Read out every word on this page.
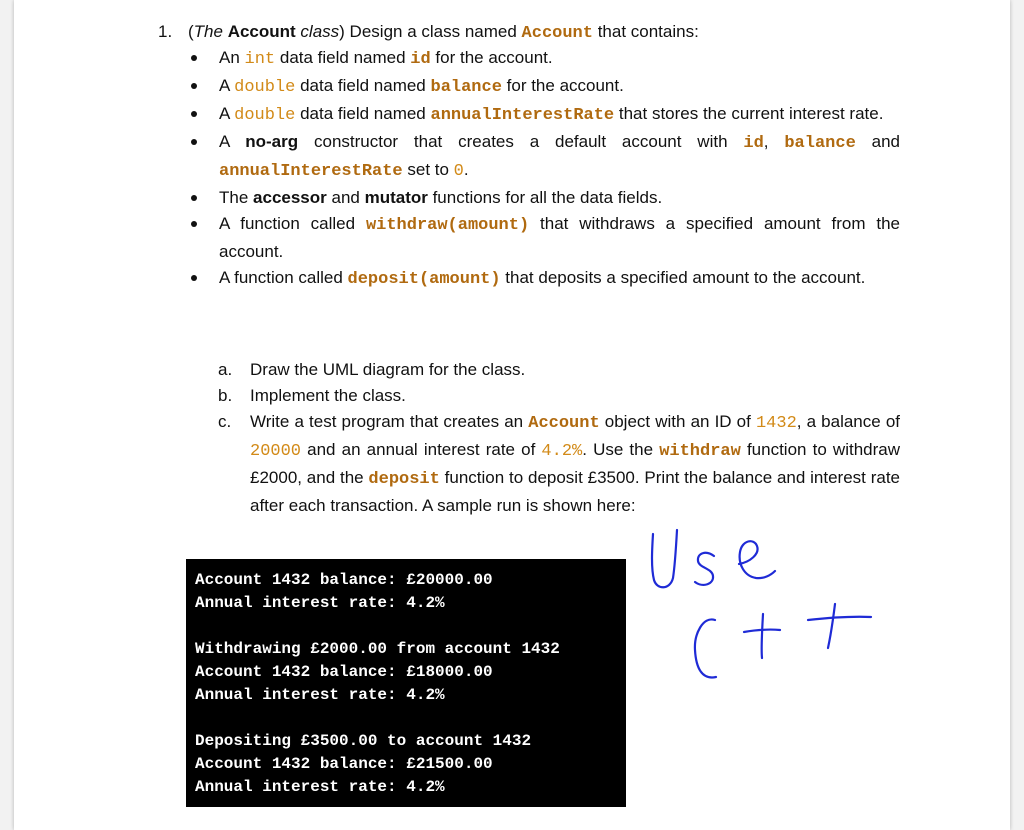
1. (The Account class) Design a class named Account that contains:
An int data field named id for the account.
A double data field named balance for the account.
A double data field named annualInterestRate that stores the current interest rate.
A no-arg constructor that creates a default account with id, balance and annualInterestRate set to 0.
The accessor and mutator functions for all the data fields.
A function called withdraw(amount) that withdraws a specified amount from the account.
A function called deposit(amount) that deposits a specified amount to the account.
a. Draw the UML diagram for the class.
b. Implement the class.
c. Write a test program that creates an Account object with an ID of 1432, a balance of 20000 and an annual interest rate of 4.2%. Use the withdraw function to withdraw £2000, and the deposit function to deposit £3500. Print the balance and interest rate after each transaction. A sample run is shown here:
Account 1432 balance: £20000.00
Annual interest rate: 4.2%
Withdrawing £2000.00 from account 1432
Account 1432 balance: £18000.00
Annual interest rate: 4.2%
Depositing £3500.00 to account 1432
Account 1432 balance: £21500.00
Annual interest rate: 4.2%
